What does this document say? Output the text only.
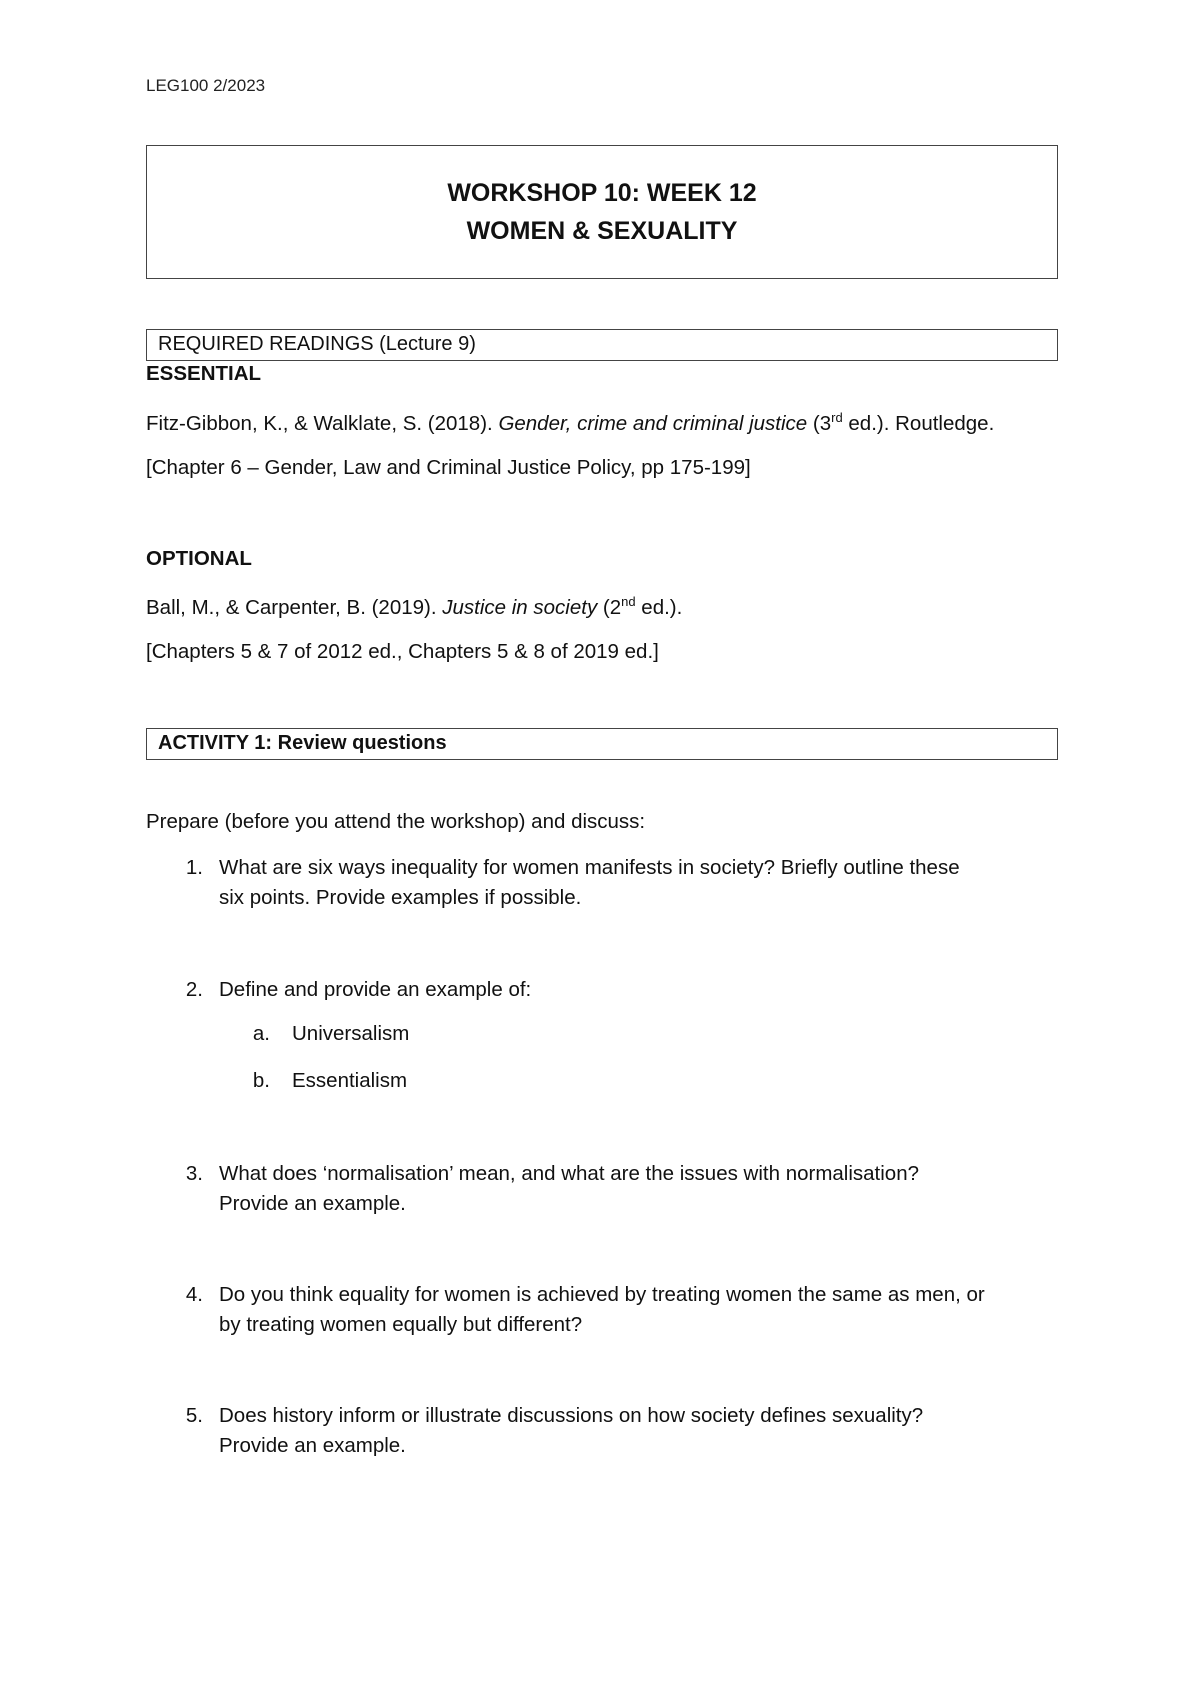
LEG100 2/2023
WORKSHOP 10: WEEK 12
WOMEN & SEXUALITY
REQUIRED READINGS (Lecture 9)
ESSENTIAL
Fitz-Gibbon, K., & Walklate, S. (2018). Gender, crime and criminal justice (3rd ed.). Routledge.
[Chapter 6 – Gender, Law and Criminal Justice Policy, pp 175-199]
OPTIONAL
Ball, M., & Carpenter, B. (2019). Justice in society (2nd ed.).
[Chapters 5 & 7 of 2012 ed., Chapters 5 & 8 of 2019 ed.]
ACTIVITY 1: Review questions
Prepare (before you attend the workshop) and discuss:
1. What are six ways inequality for women manifests in society? Briefly outline these
six points. Provide examples if possible.
2. Define and provide an example of:
a. Universalism
b. Essentialism
3. What does ‘normalisation’ mean, and what are the issues with normalisation?
Provide an example.
4. Do you think equality for women is achieved by treating women the same as men, or
by treating women equally but different?
5. Does history inform or illustrate discussions on how society defines sexuality?
Provide an example.
